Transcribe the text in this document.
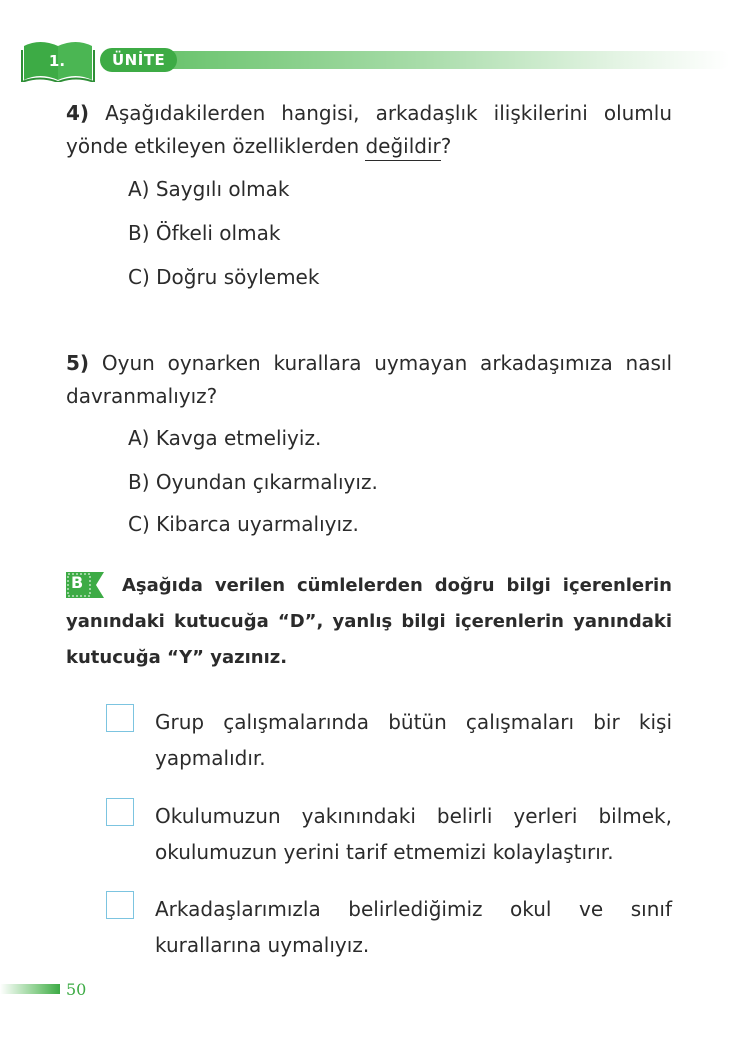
1.	ÜNİTE
4) Aşağıdakilerden hangisi, arkadaşlık ilişkilerini olumlu yönde etkileyen özelliklerden değildir?
A) Saygılı olmak
B) Öfkeli olmak
C) Doğru söylemek
5) Oyun oynarken kurallara uymayan arkadaşımıza nasıl davranmalıyız?
A) Kavga etmeliyiz.
B) Oyundan çıkarmalıyız.
C) Kibarca uyarmalıyız.
B	Aşağıda verilen cümlelerden doğru bilgi içerenlerin yanındaki kutucuğa “D”, yanlış bilgi içerenlerin yanındaki kutucuğa “Y” yazınız.
Grup çalışmalarında bütün çalışmaları bir kişi yapmalıdır.
Okulumuzun yakınındaki belirli yerleri bilmek, okulumuzun yerini tarif etmemizi kolaylaştırır.
Arkadaşlarımızla belirlediğimiz okul ve sınıf kurallarına uymalıyız.
50
